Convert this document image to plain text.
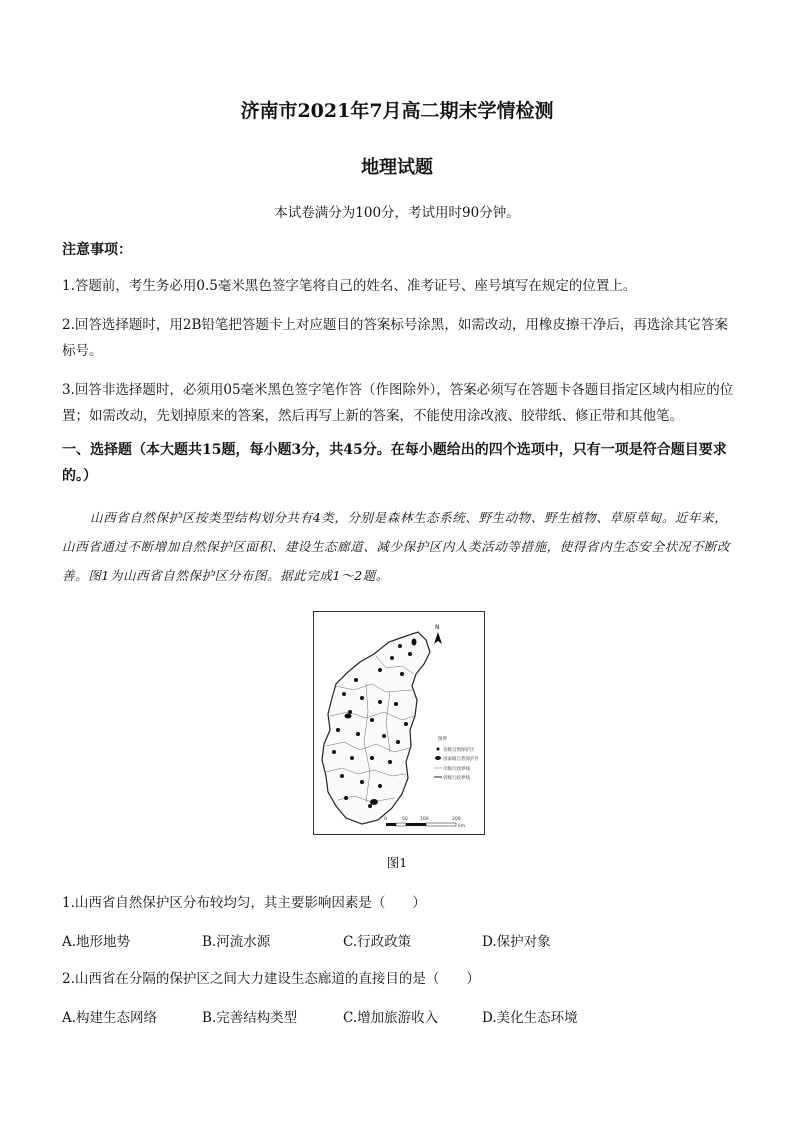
济南市2021年7月高二期末学情检测
地理试题
本试卷满分为100分，考试用时90分钟。
注意事项：
1.答题前，考生务必用0.5毫米黑色签字笔将自己的姓名、准考证号、座号填写在规定的位置上。
2.回答选择题时，用2B铅笔把答题卡上对应题目的答案标号涂黑，如需改动，用橡皮擦干净后，再选涂其它答案标号。
3.回答非选择题时，必须用05毫米黑色签字笔作答（作图除外），答案必须写在答题卡各题目指定区域内相应的位置；如需改动，先划掉原来的答案，然后再写上新的答案，不能使用涂改液、胶带纸、修正带和其他笔。
一、选择题（本大题共15题，每小题3分，共45分。在每小题给出的四个选项中，只有一项是符合题目要求的。）
山西省自然保护区按类型结构划分共有4类，分别是森林生态系统、野生动物、野生植物、草原草甸。近年来，山西省通过不断增加自然保护区面积、建设生态廊道、减少保护区内人类活动等措施，使得省内生态安全状况不断改善。图1为山西省自然保护区分布图。据此完成1～2题。
N
图例
省级自然保护区
国家级自然保护区
市级行政界线
省级行政界线
0	50	100	200
km
图1
1.山西省自然保护区分布较均匀，其主要影响因素是（　　）
A.地形地势	B.河流水源	C.行政政策	D.保护对象
2.山西省在分隔的保护区之间大力建设生态廊道的直接目的是（　　）
A.构建生态网络	B.完善结构类型	C.增加旅游收入	D.美化生态环境
